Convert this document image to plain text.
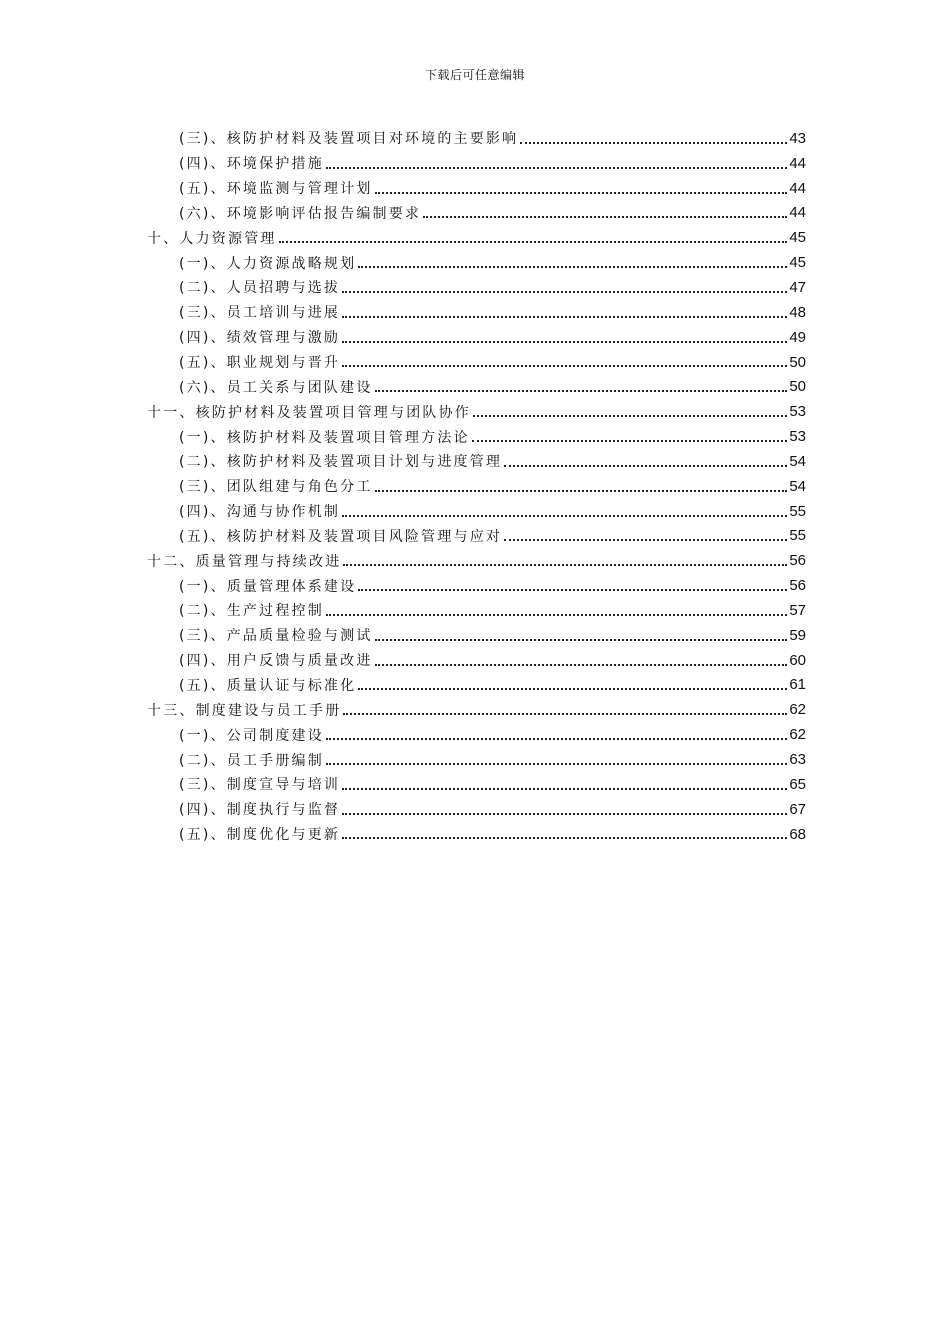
下载后可任意编辑
(三)、核防护材料及装置项目对环境的主要影响	43
(四)、环境保护措施	44
(五)、环境监测与管理计划	44
(六)、环境影响评估报告编制要求	44
十、人力资源管理	45
(一)、人力资源战略规划	45
(二)、人员招聘与选拔	47
(三)、员工培训与进展	48
(四)、绩效管理与激励	49
(五)、职业规划与晋升	50
(六)、员工关系与团队建设	50
十一、核防护材料及装置项目管理与团队协作	53
(一)、核防护材料及装置项目管理方法论	53
(二)、核防护材料及装置项目计划与进度管理	54
(三)、团队组建与角色分工	54
(四)、沟通与协作机制	55
(五)、核防护材料及装置项目风险管理与应对	55
十二、质量管理与持续改进	56
(一)、质量管理体系建设	56
(二)、生产过程控制	57
(三)、产品质量检验与测试	59
(四)、用户反馈与质量改进	60
(五)、质量认证与标准化	61
十三、制度建设与员工手册	62
(一)、公司制度建设	62
(二)、员工手册编制	63
(三)、制度宣导与培训	65
(四)、制度执行与监督	67
(五)、制度优化与更新	68
